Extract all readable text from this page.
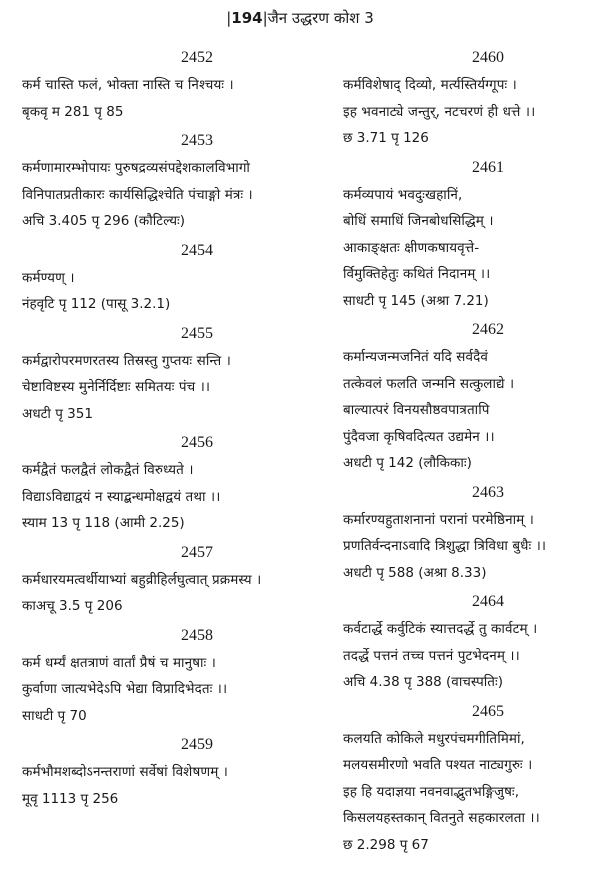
|194|जैन उद्धरण कोश 3
2452
कर्म चास्ति फलं, भोक्ता नास्ति च निश्चयः ।
बृकवृ म 281 पृ 85
2453
कर्मणामारम्भोपायः पुरुषद्रव्यसंपद्देशकालविभागो
विनिपातप्रतीकारः कार्यसिद्धिश्चेति पंचाङ्गो मंत्रः ।
अचि 3.405 पृ 296 (कौटिल्यः)
2454
कर्मण्यण् ।
नंहवृटि पृ 112 (पासू 3.2.1)
2455
कर्मद्वारोपरमणरतस्य तिस्रस्तु गुप्तयः सन्ति ।
चेष्टाविष्टस्य मुनेर्निर्दिष्टाः समितयः पंच ।।
अधटी पृ 351
2456
कर्मद्वैतं फलद्वैतं लोकद्वैतं विरुध्यते ।
विद्याऽविद्याद्वयं न स्याद्बन्धमोक्षद्वयं तथा ।।
स्याम 13 पृ 118 (आमी 2.25)
2457
कर्मधारयमत्वर्थीयाभ्यां बहुव्रीहिर्लघुत्वात् प्रक्रमस्य ।
काअचू 3.5 पृ 206
2458
कर्म धर्म्यं क्षतत्राणं वार्तां प्रैषं च मानुषाः ।
कुर्वाणा जात्यभेदेऽपि भेद्या विप्रादिभेदतः ।।
साधटी पृ 70
2459
कर्मभौमशब्दोऽनन्तराणां सर्वेषां विशेषणम् ।
मूवृ 1113 पृ 256
2460
कर्मविशेषाद् दिव्यो, मर्त्यस्तिर्यग्गूपः ।
इह भवनाट्ये जन्तुर्, नटचरणं ही धत्ते ।।
छ 3.71 पृ 126
2461
कर्मव्यपायं भवदुःखहानिं,
बोधिं समाधिं जिनबोधसिद्धिम् ।
आकाङ्क्षतः क्षीणकषायवृत्ते-
र्विमुक्तिहेतुः कथितं निदानम् ।।
साधटी पृ 145 (अश्रा 7.21)
2462
कर्मान्यजन्मजनितं यदि सर्वदैवं
तत्केवलं फलति जन्मनि सत्कुलाद्ये ।
बाल्यात्परं विनयसौष्ठवपात्रतापि
पुंदैवजा कृषिवदित्यत उद्यमेन ।।
अधटी पृ 142 (लौकिकाः)
2463
कर्मारण्यहुताशनानां परानां परमेष्ठिनाम् ।
प्रणतिर्वन्दनाऽवादि त्रिशुद्धा त्रिविधा बुधैः ।।
अधटी पृ 588 (अश्रा 8.33)
2464
कर्वटार्द्धे कर्वुटिकं स्यात्तदर्द्धे तु कार्वटम् ।
तदर्द्धे पत्तनं तच्च पत्तनं पुटभेदनम् ।।
अचि 4.38 पृ 388 (वाचस्पतिः)
2465
कलयति कोकिले मधुरपंचमगीतिमिमां,
मलयसमीरणो भवति पश्यत नाट्यगुरुः ।
इह हि यदाज्ञया नवनवाद्भुतभङ्गिजुषः,
किसलयहस्तकान् वितनुते सहकारलता ।।
छ 2.298 पृ 67
